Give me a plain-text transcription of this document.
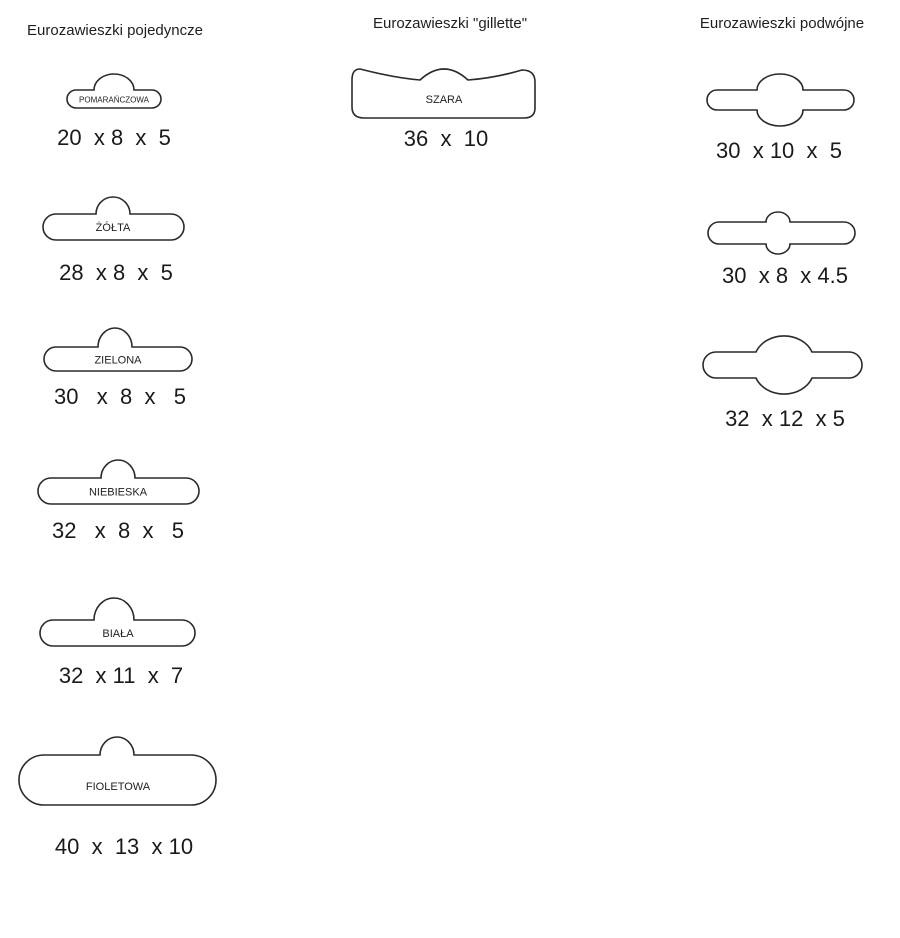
Eurozawieszki pojedyncze	Eurozawieszki "gillette"	Eurozawieszki podwójne
POMARAŃCZOWA
20  x 8  x  5
ŻÓŁTA
28  x 8  x  5
ZIELONA
30   x  8  x   5
NIEBIESKA
32   x  8  x   5
BIAŁA
32  x 11  x  7
FIOLETOWA
40  x  13  x 10
SZARA
36  x  10	30  x 10  x  5
30  x 8  x 4.5
32  x 12  x 5
